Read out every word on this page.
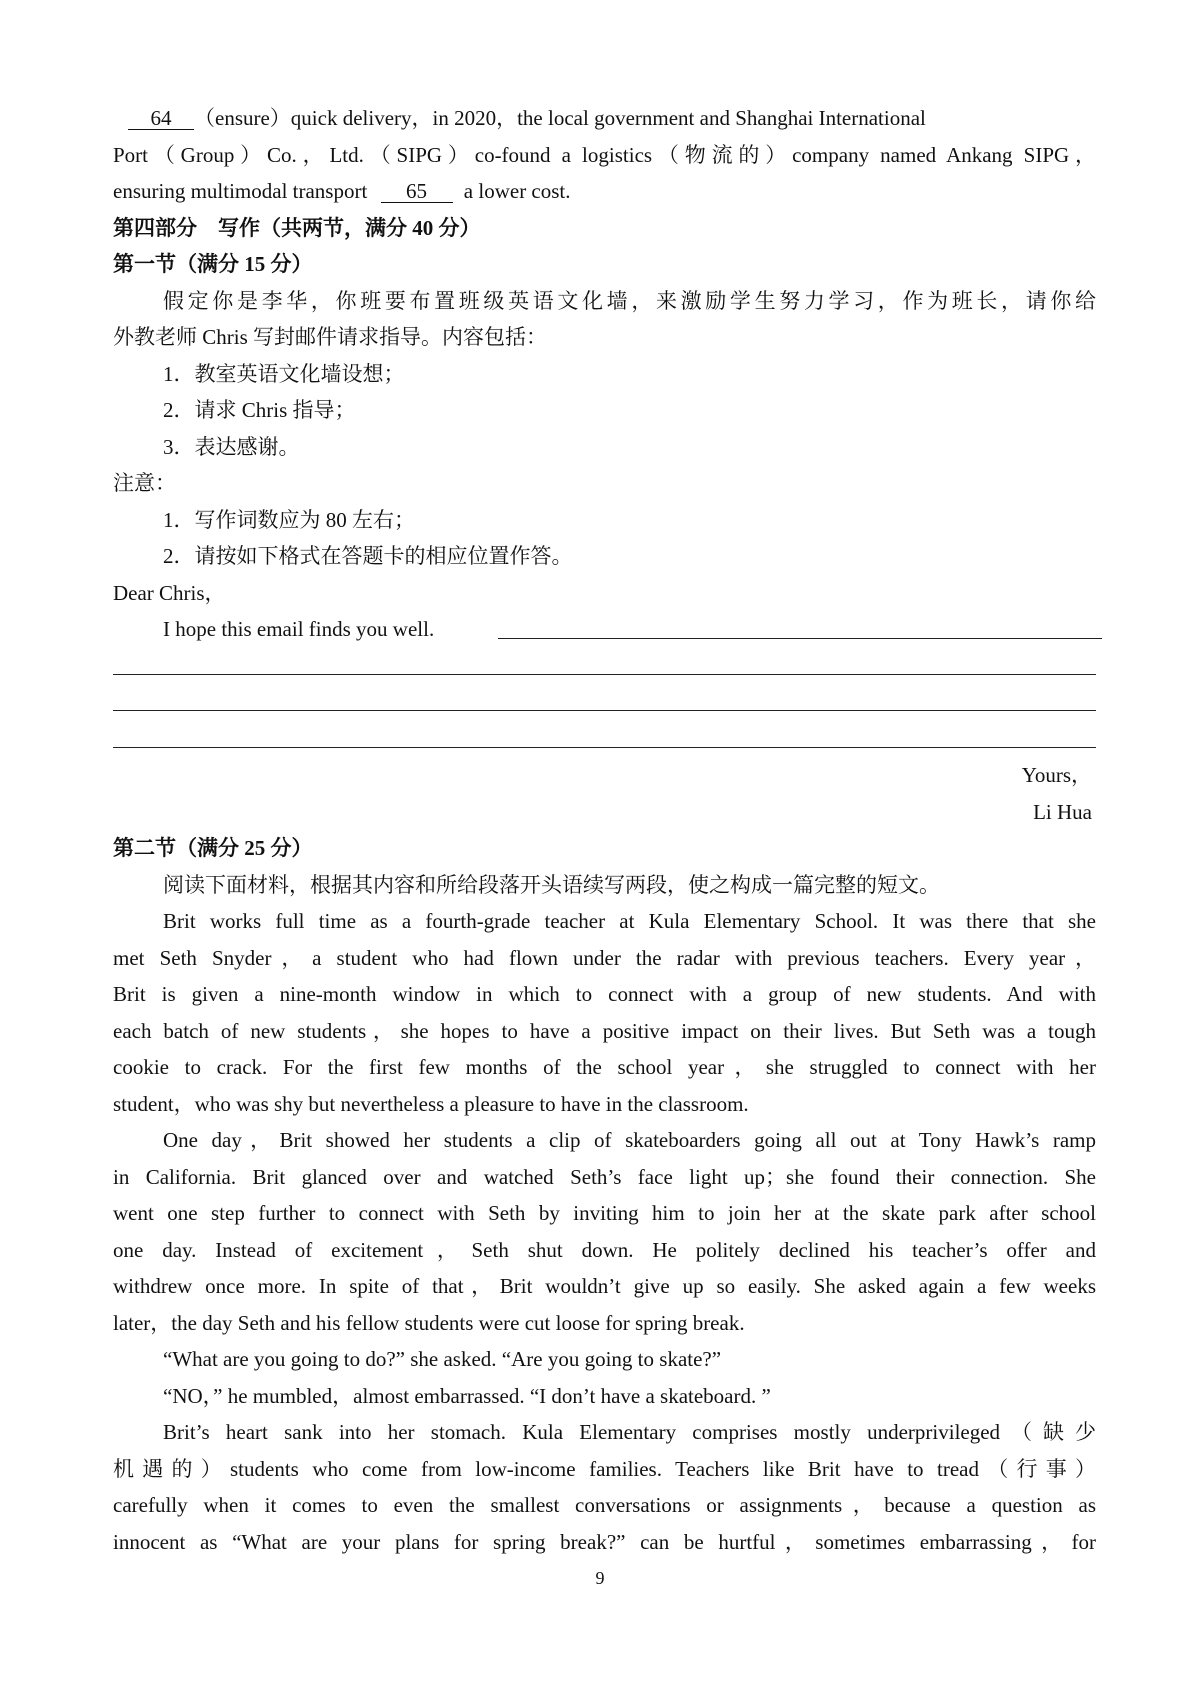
64 （ensure）quick delivery，in 2020，the local government and Shanghai International
Port（Group）Co.，Ltd.（SIPG）co-found a logistics（物流的）company named Ankang SIPG，
ensuring multimodal transport 65 a lower cost.
第四部分　写作（共两节，满分 40 分）
第一节（满分 15 分）
假定你是李华，你班要布置班级英语文化墙，来激励学生努力学习，作为班长，请你给
外教老师 Chris 写封邮件请求指导。内容包括：
1．教室英语文化墙设想；
2．请求 Chris 指导；
3．表达感谢。
注意：
1．写作词数应为 80 左右；
2．请按如下格式在答题卡的相应位置作答。
Dear Chris，
I hope this email finds you well.
Yours，
Li Hua
第二节（满分 25 分）
阅读下面材料，根据其内容和所给段落开头语续写两段，使之构成一篇完整的短文。
Brit works full time as a fourth-grade teacher at Kula Elementary School. It was there that she
met Seth Snyder，a student who had flown under the radar with previous teachers. Every year，
Brit is given a nine-month window in which to connect with a group of new students. And with
each batch of new students，she hopes to have a positive impact on their lives. But Seth was a tough
cookie to crack. For the first few months of the school year，she struggled to connect with her
student，who was shy but nevertheless a pleasure to have in the classroom.
One day，Brit showed her students a clip of skateboarders going all out at Tony Hawk’s ramp
in California. Brit glanced over and watched Seth’s face light up；she found their connection. She
went one step further to connect with Seth by inviting him to join her at the skate park after school
one day. Instead of excitement，Seth shut down. He politely declined his teacher’s offer and
withdrew once more. In spite of that，Brit wouldn’t give up so easily. She asked again a few weeks
later，the day Seth and his fellow students were cut loose for spring break.
“What are you going to do?” she asked. “Are you going to skate?”
“NO，” he mumbled，almost embarrassed. “I don’t have a skateboard. ”
Brit’s heart sank into her stomach. Kula Elementary comprises mostly underprivileged（缺少
机遇的）students who come from low-income families. Teachers like Brit have to tread（行事）
carefully when it comes to even the smallest conversations or assignments，because a question as
innocent as “What are your plans for spring break?” can be hurtful，sometimes embarrassing，for
9
